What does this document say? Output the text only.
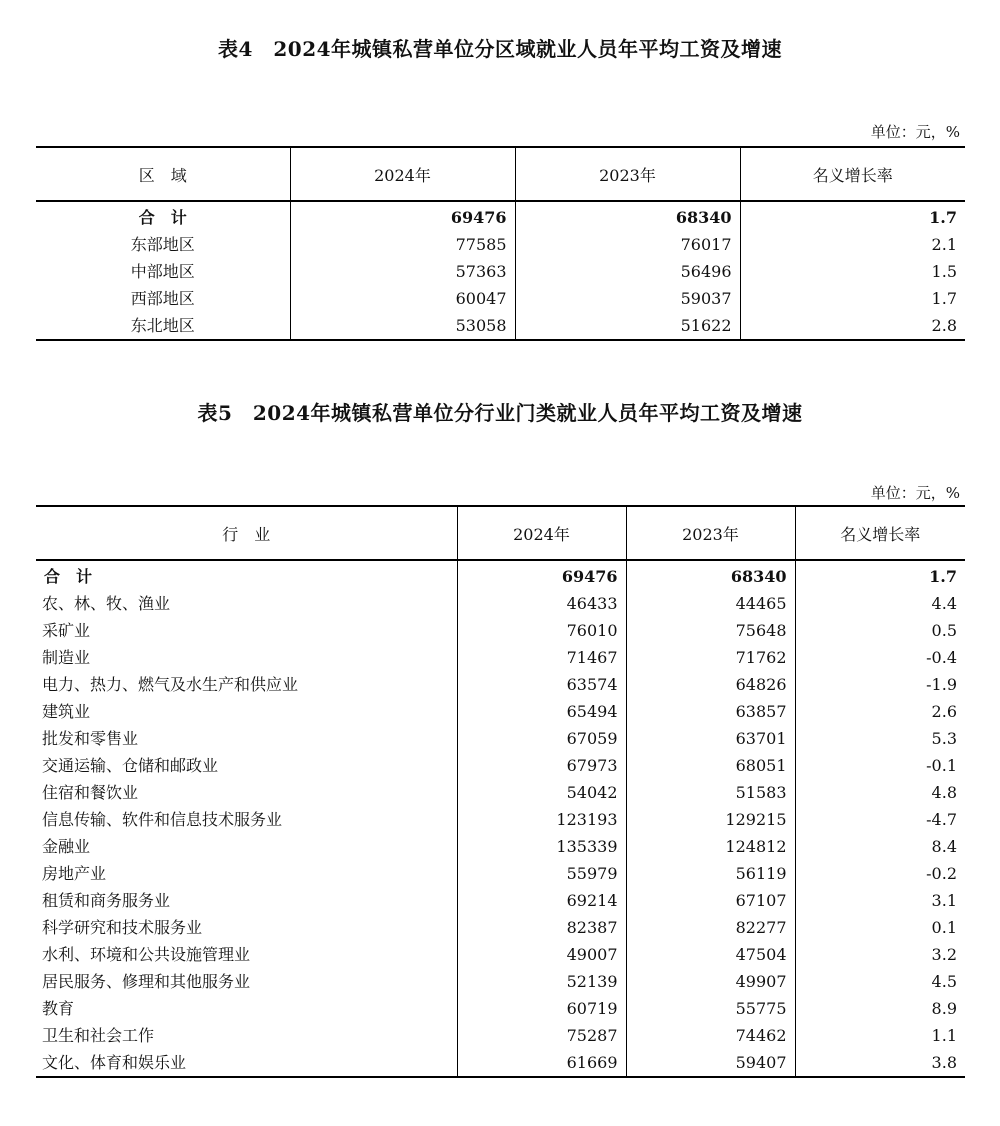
表4　2024年城镇私营单位分区域就业人员年平均工资及增速
单位：元，%
区　域	2024年	2023年	名义增长率
合　计	69476	68340	1.7
东部地区	77585	76017	2.1
中部地区	57363	56496	1.5
西部地区	60047	59037	1.7
东北地区	53058	51622	2.8
表5　2024年城镇私营单位分行业门类就业人员年平均工资及增速
单位：元，%
行　业	2024年	2023年	名义增长率
合　计	69476	68340	1.7
农、林、牧、渔业	46433	44465	4.4
采矿业	76010	75648	0.5
制造业	71467	71762	-0.4
电力、热力、燃气及水生产和供应业	63574	64826	-1.9
建筑业	65494	63857	2.6
批发和零售业	67059	63701	5.3
交通运输、仓储和邮政业	67973	68051	-0.1
住宿和餐饮业	54042	51583	4.8
信息传输、软件和信息技术服务业	123193	129215	-4.7
金融业	135339	124812	8.4
房地产业	55979	56119	-0.2
租赁和商务服务业	69214	67107	3.1
科学研究和技术服务业	82387	82277	0.1
水利、环境和公共设施管理业	49007	47504	3.2
居民服务、修理和其他服务业	52139	49907	4.5
教育	60719	55775	8.9
卫生和社会工作	75287	74462	1.1
文化、体育和娱乐业	61669	59407	3.8
